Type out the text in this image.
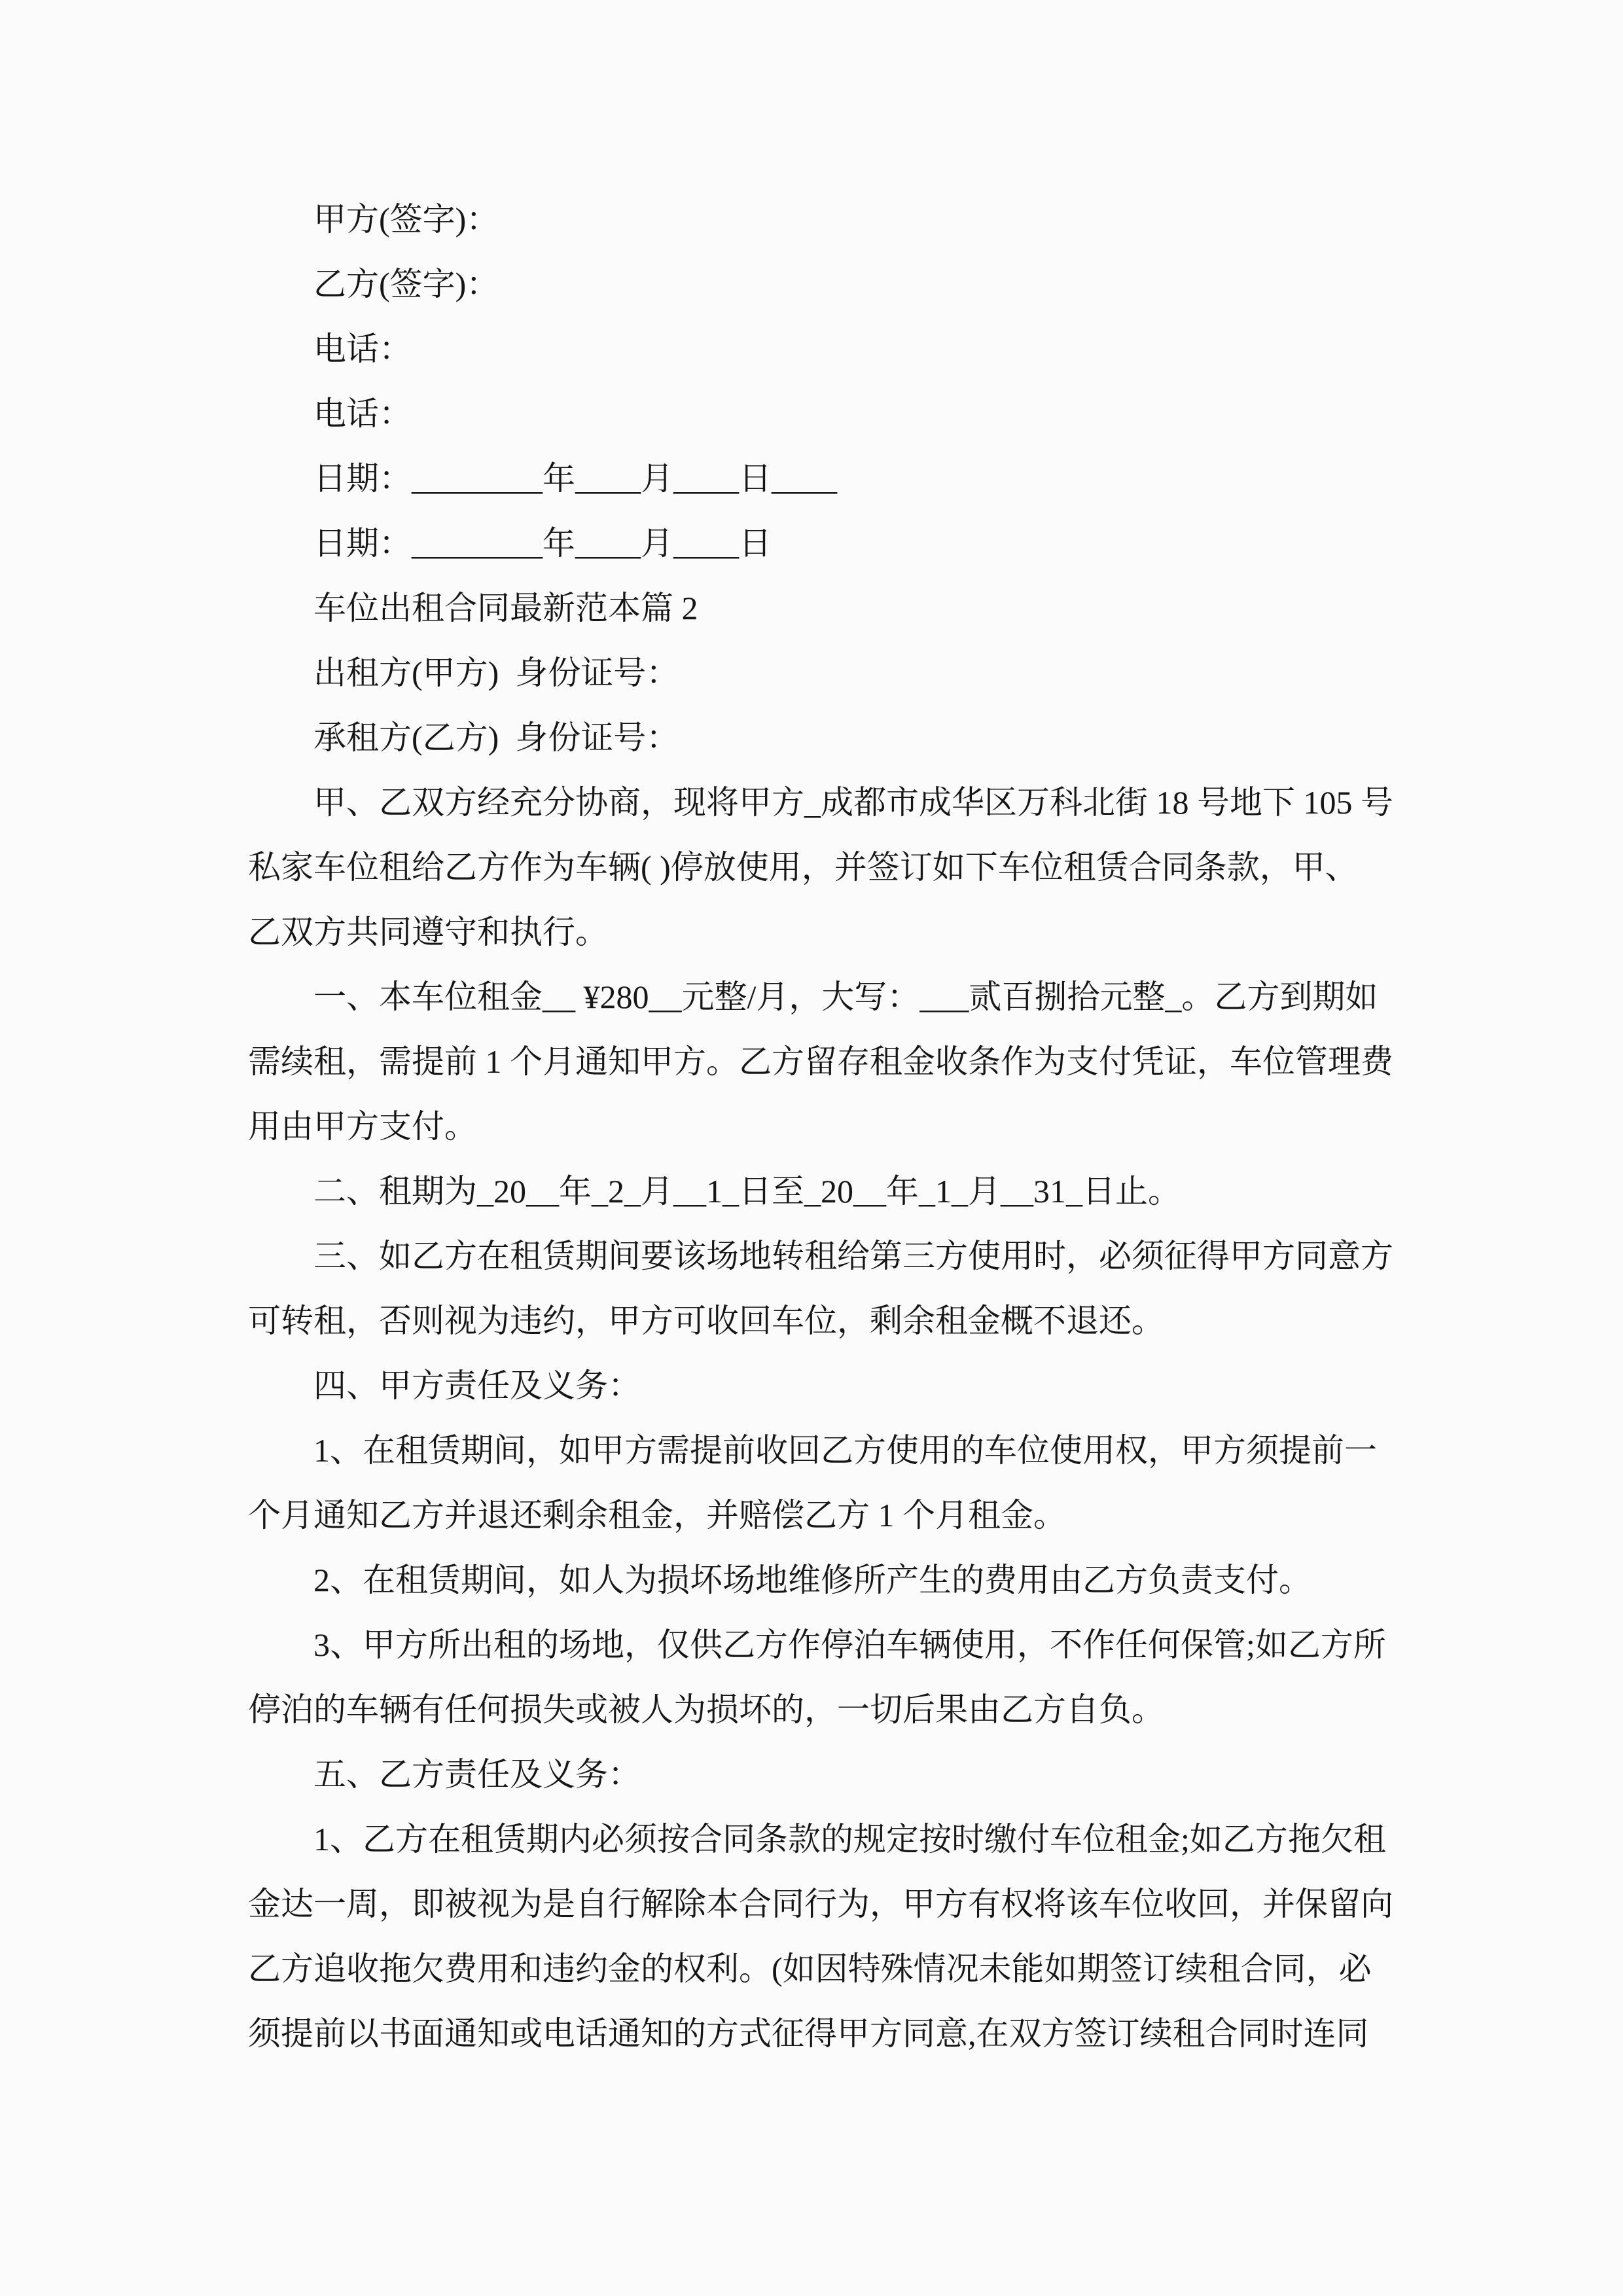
甲方(签字)：
乙方(签字)：
电话：
电话：
日期：________年____月____日____
日期：________年____月____日
车位出租合同最新范本篇 2
出租方(甲方)  身份证号：
承租方(乙方)  身份证号：
甲、乙双方经充分协商，现将甲方_成都市成华区万科北街 18 号地下 105 号
私家车位租给乙方作为车辆( )停放使用，并签订如下车位租赁合同条款，甲、
乙双方共同遵守和执行。
一、本车位租金__ ¥280__元整/月，大写：___贰百捌拾元整_。乙方到期如
需续租，需提前 1 个月通知甲方。乙方留存租金收条作为支付凭证，车位管理费
用由甲方支付。
二、租期为_20__年_2_月__1_日至_20__年_1_月__31_日止。
三、如乙方在租赁期间要该场地转租给第三方使用时，必须征得甲方同意方
可转租，否则视为违约，甲方可收回车位，剩余租金概不退还。
四、甲方责任及义务：
1、在租赁期间，如甲方需提前收回乙方使用的车位使用权，甲方须提前一
个月通知乙方并退还剩余租金，并赔偿乙方 1 个月租金。
2、在租赁期间，如人为损坏场地维修所产生的费用由乙方负责支付。
3、甲方所出租的场地，仅供乙方作停泊车辆使用，不作任何保管;如乙方所
停泊的车辆有任何损失或被人为损坏的，一切后果由乙方自负。
五、乙方责任及义务：
1、乙方在租赁期内必须按合同条款的规定按时缴付车位租金;如乙方拖欠租
金达一周，即被视为是自行解除本合同行为，甲方有权将该车位收回，并保留向
乙方追收拖欠费用和违约金的权利。(如因特殊情况未能如期签订续租合同，必
须提前以书面通知或电话通知的方式征得甲方同意,在双方签订续租合同时连同
